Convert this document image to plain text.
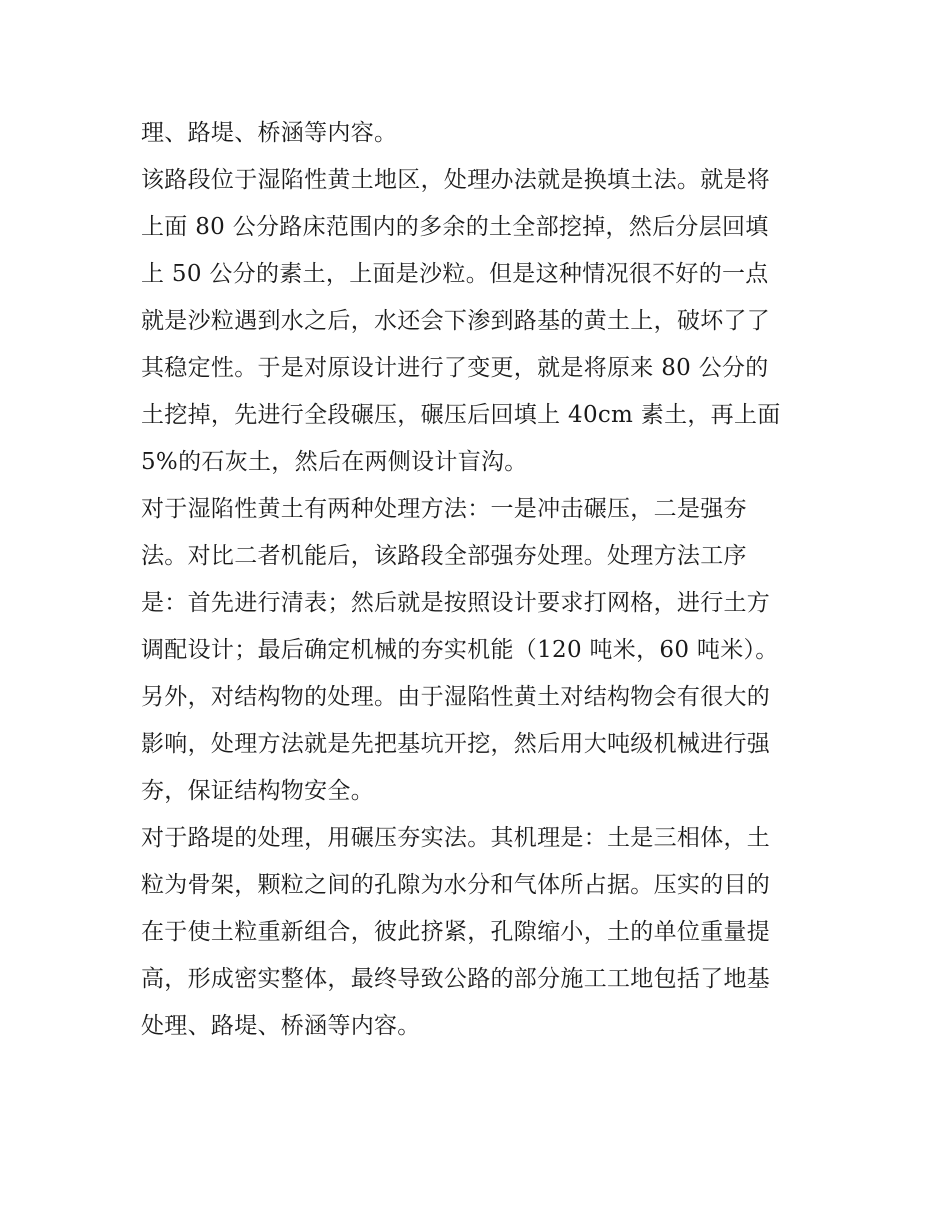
理、路堤、桥涵等内容。
该路段位于湿陷性黄土地区，处理办法就是换填土法。就是将
上面 80 公分路床范围内的多余的土全部挖掉，然后分层回填
上 50 公分的素土，上面是沙粒。但是这种情况很不好的一点
就是沙粒遇到水之后，水还会下渗到路基的黄土上，破坏了了
其稳定性。于是对原设计进行了变更，就是将原来 80 公分的
土挖掉，先进行全段碾压，碾压后回填上 40cm 素土，再上面
5%的石灰土，然后在两侧设计盲沟。
对于湿陷性黄土有两种处理方法：一是冲击碾压，二是强夯
法。对比二者机能后，该路段全部强夯处理。处理方法工序
是：首先进行清表；然后就是按照设计要求打网格，进行土方
调配设计；最后确定机械的夯实机能（120 吨米，60 吨米）。
另外，对结构物的处理。由于湿陷性黄土对结构物会有很大的
影响，处理方法就是先把基坑开挖，然后用大吨级机械进行强
夯，保证结构物安全。
对于路堤的处理，用碾压夯实法。其机理是：土是三相体，土
粒为骨架，颗粒之间的孔隙为水分和气体所占据。压实的目的
在于使土粒重新组合，彼此挤紧，孔隙缩小，土的单位重量提
高，形成密实整体，最终导致公路的部分施工工地包括了地基
处理、路堤、桥涵等内容。
